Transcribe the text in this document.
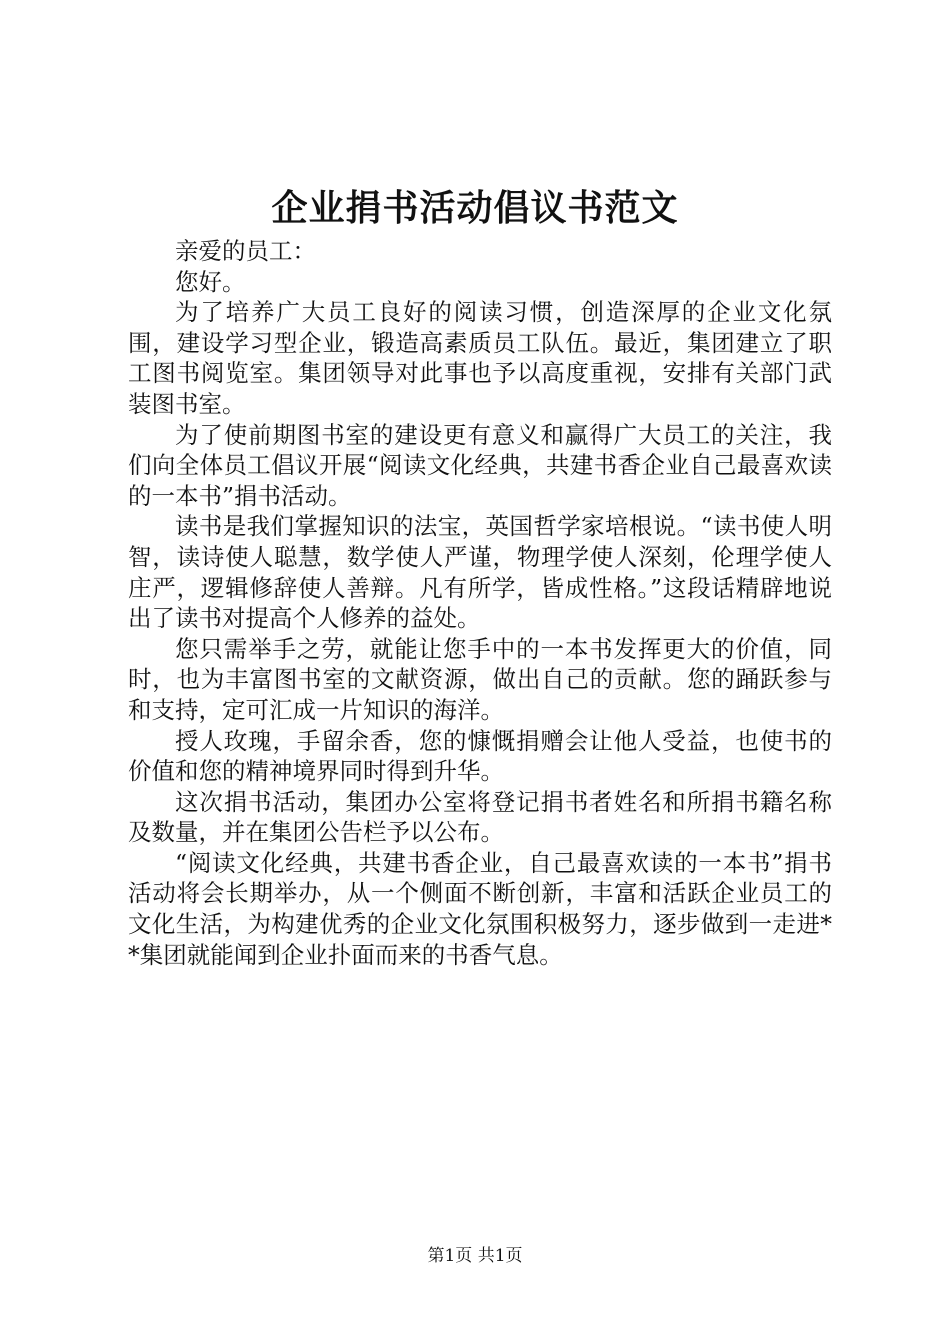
企业捐书活动倡议书范文

亲爱的员工：

您好。

为了培养广大员工良好的阅读习惯，创造深厚的企业文化氛围，建设学习型企业，锻造高素质员工队伍。最近，集团建立了职工图书阅览室。集团领导对此事也予以高度重视，安排有关部门武装图书室。

为了使前期图书室的建设更有意义和赢得广大员工的关注，我们向全体员工倡议开展“阅读文化经典，共建书香企业自己最喜欢读的一本书”捐书活动。

读书是我们掌握知识的法宝，英国哲学家培根说。“读书使人明智，读诗使人聪慧，数学使人严谨，物理学使人深刻，伦理学使人庄严，逻辑修辞使人善辩。凡有所学，皆成性格。”这段话精辟地说出了读书对提高个人修养的益处。

您只需举手之劳，就能让您手中的一本书发挥更大的价值，同时，也为丰富图书室的文献资源，做出自己的贡献。您的踊跃参与和支持，定可汇成一片知识的海洋。

授人玫瑰，手留余香，您的慷慨捐赠会让他人受益，也使书的价值和您的精神境界同时得到升华。

这次捐书活动，集团办公室将登记捐书者姓名和所捐书籍名称及数量，并在集团公告栏予以公布。

“阅读文化经典，共建书香企业，自己最喜欢读的一本书”捐书活动将会长期举办，从一个侧面不断创新，丰富和活跃企业员工的文化生活，为构建优秀的企业文化氛围积极努力，逐步做到一走进**集团就能闻到企业扑面而来的书香气息。

第1页 共1页
